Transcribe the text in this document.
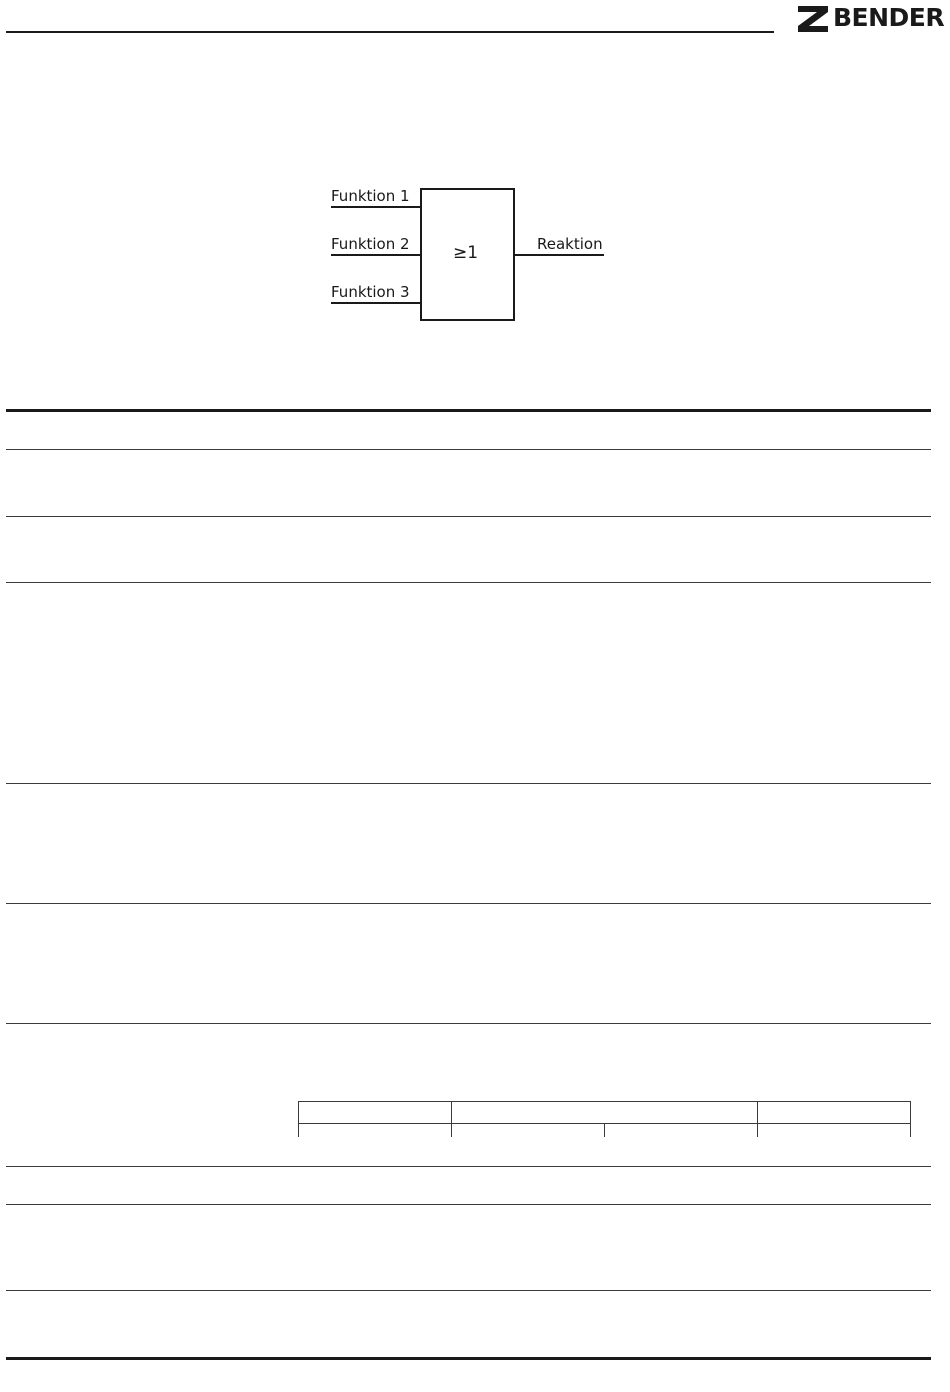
BENDER
Funktion 1
Funktion 2
Funktion 3
≥1	Reaktion
